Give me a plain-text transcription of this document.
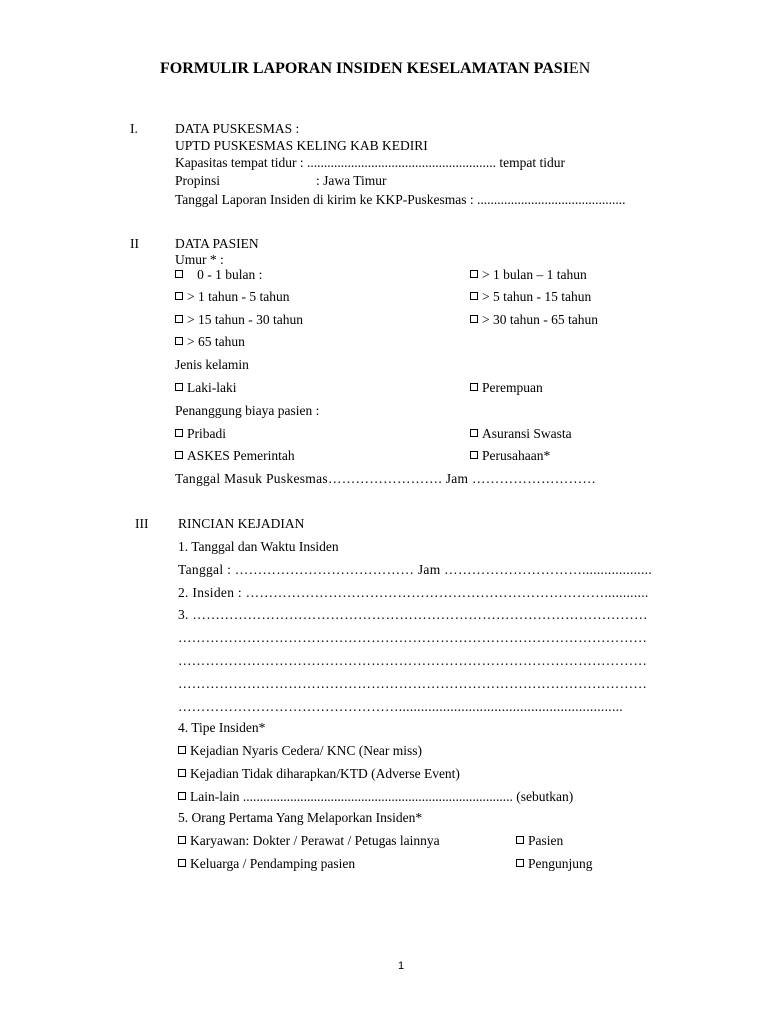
FORMULIR LAPORAN INSIDEN KESELAMATAN PASIEN
I.	DATA PUSKESMAS :
UPTD PUSKESMAS KELING KAB KEDIRI
Kapasitas tempat tidur : ........................................................ tempat tidur
Propinsi	: Jawa Timur
Tanggal Laporan Insiden di kirim ke KKP-Puskesmas : ............................................
II	DATA PASIEN
Umur * :
0 - 1 bulan :	> 1 bulan – 1 tahun
> 1 tahun - 5 tahun	> 5 tahun - 15 tahun
> 15 tahun - 30 tahun	> 30 tahun - 65 tahun
> 65 tahun
Jenis kelamin
Laki-laki	Perempuan
Penanggung biaya pasien :
Pribadi	Asuransi Swasta
ASKES Pemerintah	Perusahaan*
Tanggal Masuk Puskesmas……………………. Jam ………………………
III RINCIAN KEJADIAN
1. Tanggal dan Waktu Insiden
Tanggal : ………………………………… Jam …………………………...................
2. Insiden : ……………………………………………………………………............
3. ………………………………………………………………………………………
…………………………………………………………………………………………
…………………………………………………………………………………………
…………………………………………………………………………………………
………………………………………….............................................................
4. Tipe Insiden*
Kejadian Nyaris Cedera/ KNC (Near miss)
Kejadian Tidak diharapkan/KTD (Adverse Event)
Lain-lain ................................................................................ (sebutkan)
5. Orang Pertama Yang Melaporkan Insiden*
Karyawan: Dokter / Perawat / Petugas lainnya	Pasien
Keluarga / Pendamping pasien	Pengunjung
1
